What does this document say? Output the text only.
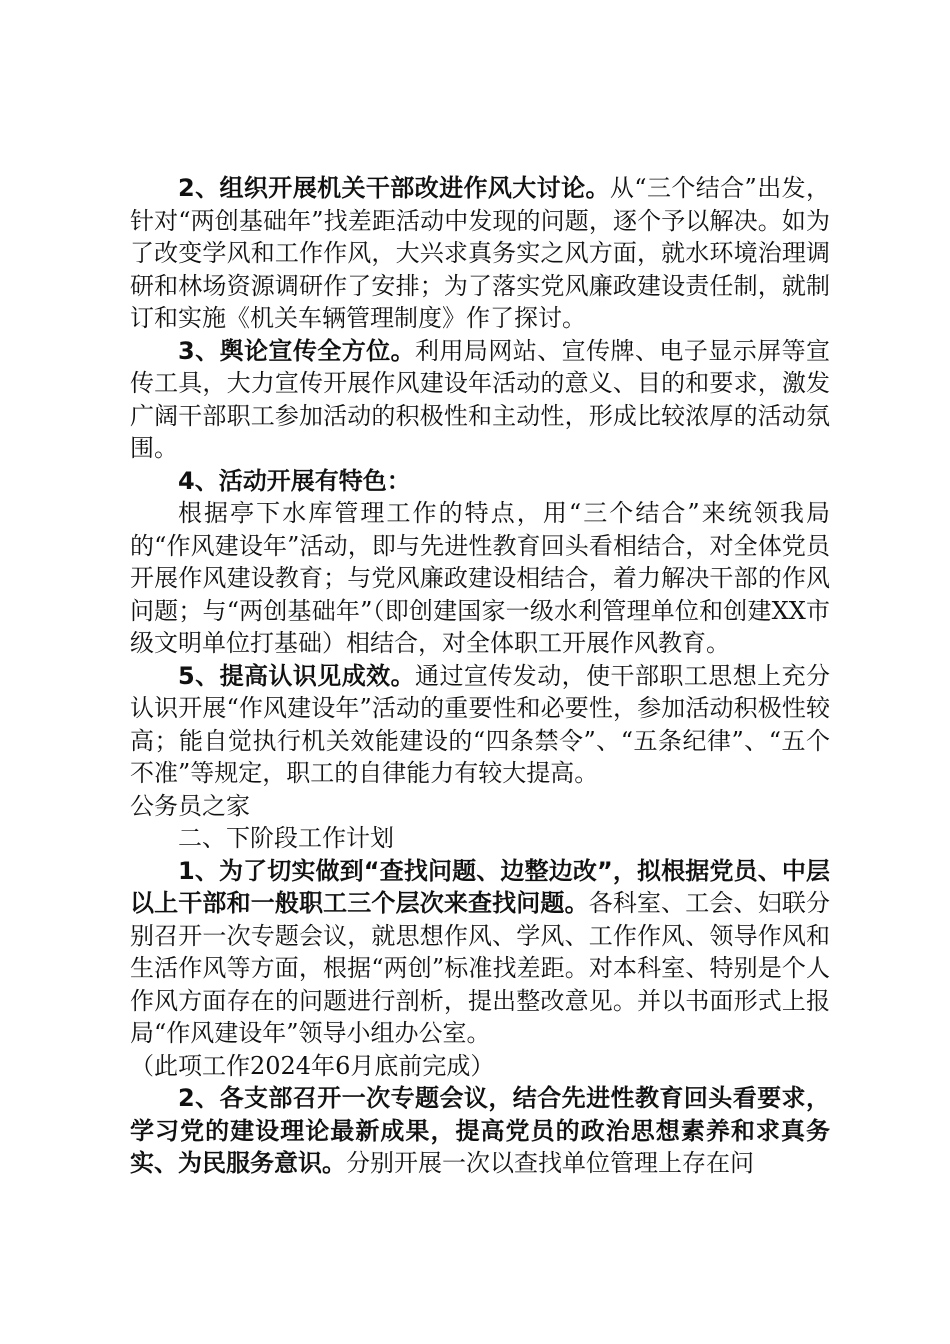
2、组织开展机关干部改进作风大讨论。从“三个结合”出发，针对“两创基础年”找差距活动中发现的问题，逐个予以解决。如为了改变学风和工作作风，大兴求真务实之风方面，就水环境治理调研和林场资源调研作了安排；为了落实党风廉政建设责任制，就制订和实施《机关车辆管理制度》作了探讨。

3、舆论宣传全方位。利用局网站、宣传牌、电子显示屏等宣传工具，大力宣传开展作风建设年活动的意义、目的和要求，激发广阔干部职工参加活动的积极性和主动性，形成比较浓厚的活动氛围。

4、活动开展有特色：

根据亭下水库管理工作的特点，用“三个结合”来统领我局的“作风建设年”活动，即与先进性教育回头看相结合，对全体党员开展作风建设教育；与党风廉政建设相结合，着力解决干部的作风问题；与“两创基础年”（即创建国家一级水利管理单位和创建XX市级文明单位打基础）相结合，对全体职工开展作风教育。

5、提高认识见成效。通过宣传发动，使干部职工思想上充分认识开展“作风建设年”活动的重要性和必要性，参加活动积极性较高；能自觉执行机关效能建设的“四条禁令”、“五条纪律”、“五个不准”等规定，职工的自律能力有较大提高。

公务员之家

二、下阶段工作计划

1、为了切实做到“查找问题、边整边改”，拟根据党员、中层以上干部和一般职工三个层次来查找问题。各科室、工会、妇联分别召开一次专题会议，就思想作风、学风、工作作风、领导作风和生活作风等方面，根据“两创”标准找差距。对本科室、特别是个人作风方面存在的问题进行剖析，提出整改意见。并以书面形式上报局“作风建设年”领导小组办公室。

（此项工作2024年6月底前完成）

2、各支部召开一次专题会议，结合先进性教育回头看要求，学习党的建设理论最新成果，提高党员的政治思想素养和求真务实、为民服务意识。分别开展一次以查找单位管理上存在问
